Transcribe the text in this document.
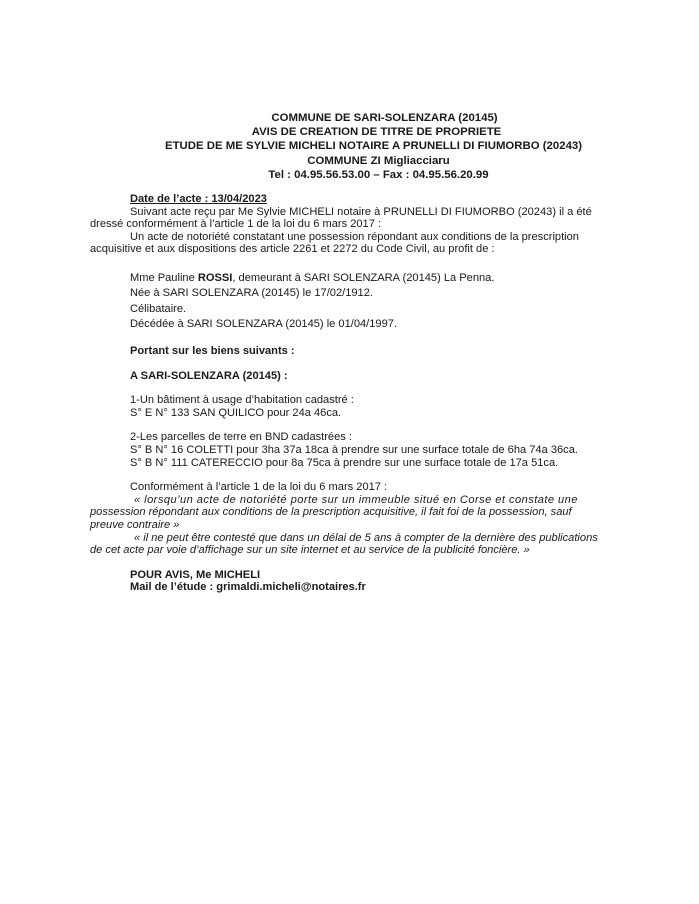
COMMUNE DE SARI-SOLENZARA (20145)
AVIS DE CREATION DE TITRE DE PROPRIETE
ETUDE DE ME SYLVIE MICHELI NOTAIRE A PRUNELLI DI FIUMORBO (20243)
COMMUNE ZI Migliacciaru
Tel : 04.95.56.53.00 – Fax : 04.95.56.20.99
Date de l’acte : 13/04/2023
Suivant acte reçu par Me Sylvie MICHELI notaire à PRUNELLI DI FIUMORBO (20243) il a été
dressé conformément à l’article 1 de la loi du 6 mars 2017 :
Un acte de notoriété constatant une possession répondant aux conditions de la prescription
acquisitive et aux dispositions des article 2261 et 2272 du Code Civil, au profit de :
Mme Pauline ROSSI, demeurant à SARI SOLENZARA (20145) La Penna.
Née à SARI SOLENZARA (20145) le 17/02/1912.
Célibataire.
Décédée à SARI SOLENZARA (20145) le 01/04/1997.
Portant sur les biens suivants :
A SARI-SOLENZARA (20145) :
1-Un bâtiment à usage d’habitation cadastré :
S° E N° 133 SAN QUILICO pour 24a 46ca.
2-Les parcelles de terre en BND cadastrées :
S° B N° 16 COLETTI pour 3ha 37a 18ca à prendre sur une surface totale de 6ha 74a 36ca.
S° B N° 111 CATERECCIO pour 8a 75ca à prendre sur une surface totale de 17a 51ca.
Conformément à l’article 1 de la loi du 6 mars 2017 :
« lorsqu’un acte de notoriété porte sur un immeuble situé en Corse et constate une
possession répondant aux conditions de la prescription acquisitive, il fait foi de la possession, sauf
preuve contraire »
« il ne peut être contesté que dans un délai de 5 ans à compter de la dernière des publications
de cet acte par voie d’affichage sur un site internet et au service de la publicité foncière. »
POUR AVIS, Me MICHELI
Mail de l’étude : grimaldi.micheli@notaires.fr
